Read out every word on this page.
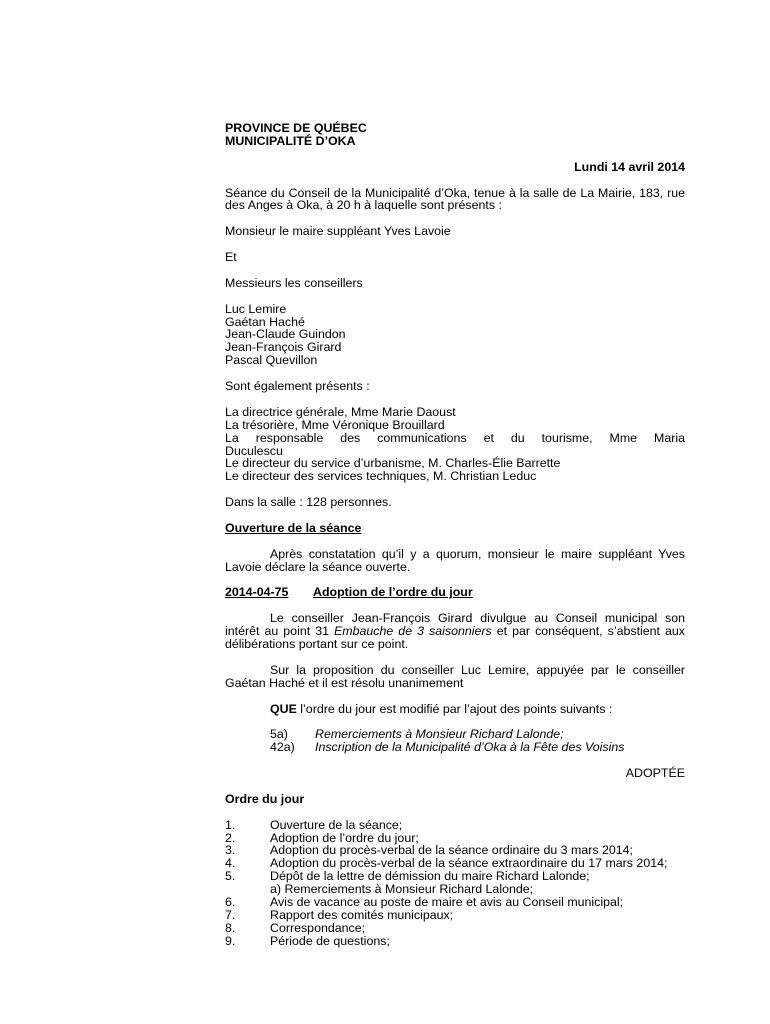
PROVINCE DE QUÉBEC

MUNICIPALITÉ D’OKA

Lundi 14 avril 2014

Séance du Conseil de la Municipalité d’Oka, tenue à la salle de La Mairie, 183, rue des Anges à Oka, à 20 h à laquelle sont présents :

Monsieur le maire suppléant Yves Lavoie

Et

Messieurs les conseillers

Luc Lemire

Gaétan Haché

Jean-Claude Guindon

Jean-François Girard

Pascal Quevillon

Sont également présents :

La directrice générale, Mme Marie Daoust

La trésorière, Mme Véronique Brouillard

La responsable des communications et du tourisme, Mme Maria

Duculescu

Le directeur du service d’urbanisme, M. Charles-Élie Barrette

Le directeur des services techniques, M. Christian Leduc

Dans la salle : 128 personnes.

Ouverture de la séance

Après constatation qu’il y a quorum, monsieur le maire suppléant Yves Lavoie déclare la séance ouverte.

2014-04-75	Adoption de l’ordre du jour

Le conseiller Jean-François Girard divulgue au Conseil municipal son intérêt au point 31 Embauche de 3 saisonniers et par conséquent, s’abstient aux délibérations portant sur ce point.

Sur la proposition du conseiller Luc Lemire, appuyée par le conseiller Gaétan Haché et il est résolu unanimement

QUE l’ordre du jour est modifié par l’ajout des points suivants :

5a)	Remerciements à Monsieur Richard Lalonde;
42a)	Inscription de la Municipalité d’Oka à la Fête des Voisins

ADOPTÉE

Ordre du jour

1.	Ouverture de la séance;
2.	Adoption de l’ordre du jour;
3.	Adoption du procès-verbal de la séance ordinaire du 3 mars 2014;
4.	Adoption du procès-verbal de la séance extraordinaire du 17 mars 2014;
5.	Dépôt de la lettre de démission du maire Richard Lalonde;
a) Remerciements à Monsieur Richard Lalonde;
6.	Avis de vacance au poste de maire et avis au Conseil municipal;
7.	Rapport des comités municipaux;
8.	Correspondance;
9.	Période de questions;
